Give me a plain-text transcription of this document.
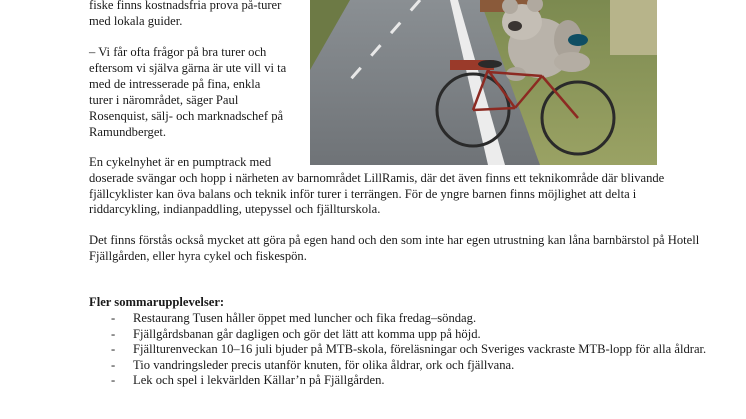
fiske finns kostnadsfria prova på-turer
med lokala guider.
– Vi får ofta frågor på bra turer och
eftersom vi själva gärna är ute vill vi ta
med de intresserade på fina, enkla
turer i närområdet, säger Paul
Rosenquist, sälj- och marknadschef på
Ramundberget.
En cykelnyhet är en pumptrack med

doserade svängar och hopp i närheten av barnområdet LillRamis, där det även finns ett teknikområde där blivande fjällcyklister kan öva balans och teknik inför turer i terrängen. För de yngre barnen finns möjlighet att delta i riddarcykling, indianpaddling, utepyssel och fjällturskola.

Det finns förstås också mycket att göra på egen hand och den som inte har egen utrustning kan låna barnbärstol på Hotell Fjällgården, eller hyra cykel och fiskespön.

Fler sommarupplevelser:
- Restaurang Tusen håller öppet med luncher och fika fredag–söndag.
- Fjällgårdsbanan går dagligen och gör det lätt att komma upp på höjd.
- Fjällturenveckan 10–16 juli bjuder på MTB-skola, föreläsningar och Sveriges vackraste MTB-lopp för alla åldrar.
- Tio vandringsleder precis utanför knuten, för olika åldrar, ork och fjällvana.
- Lek och spel i lekvärlden Källar’n på Fjällgården.
